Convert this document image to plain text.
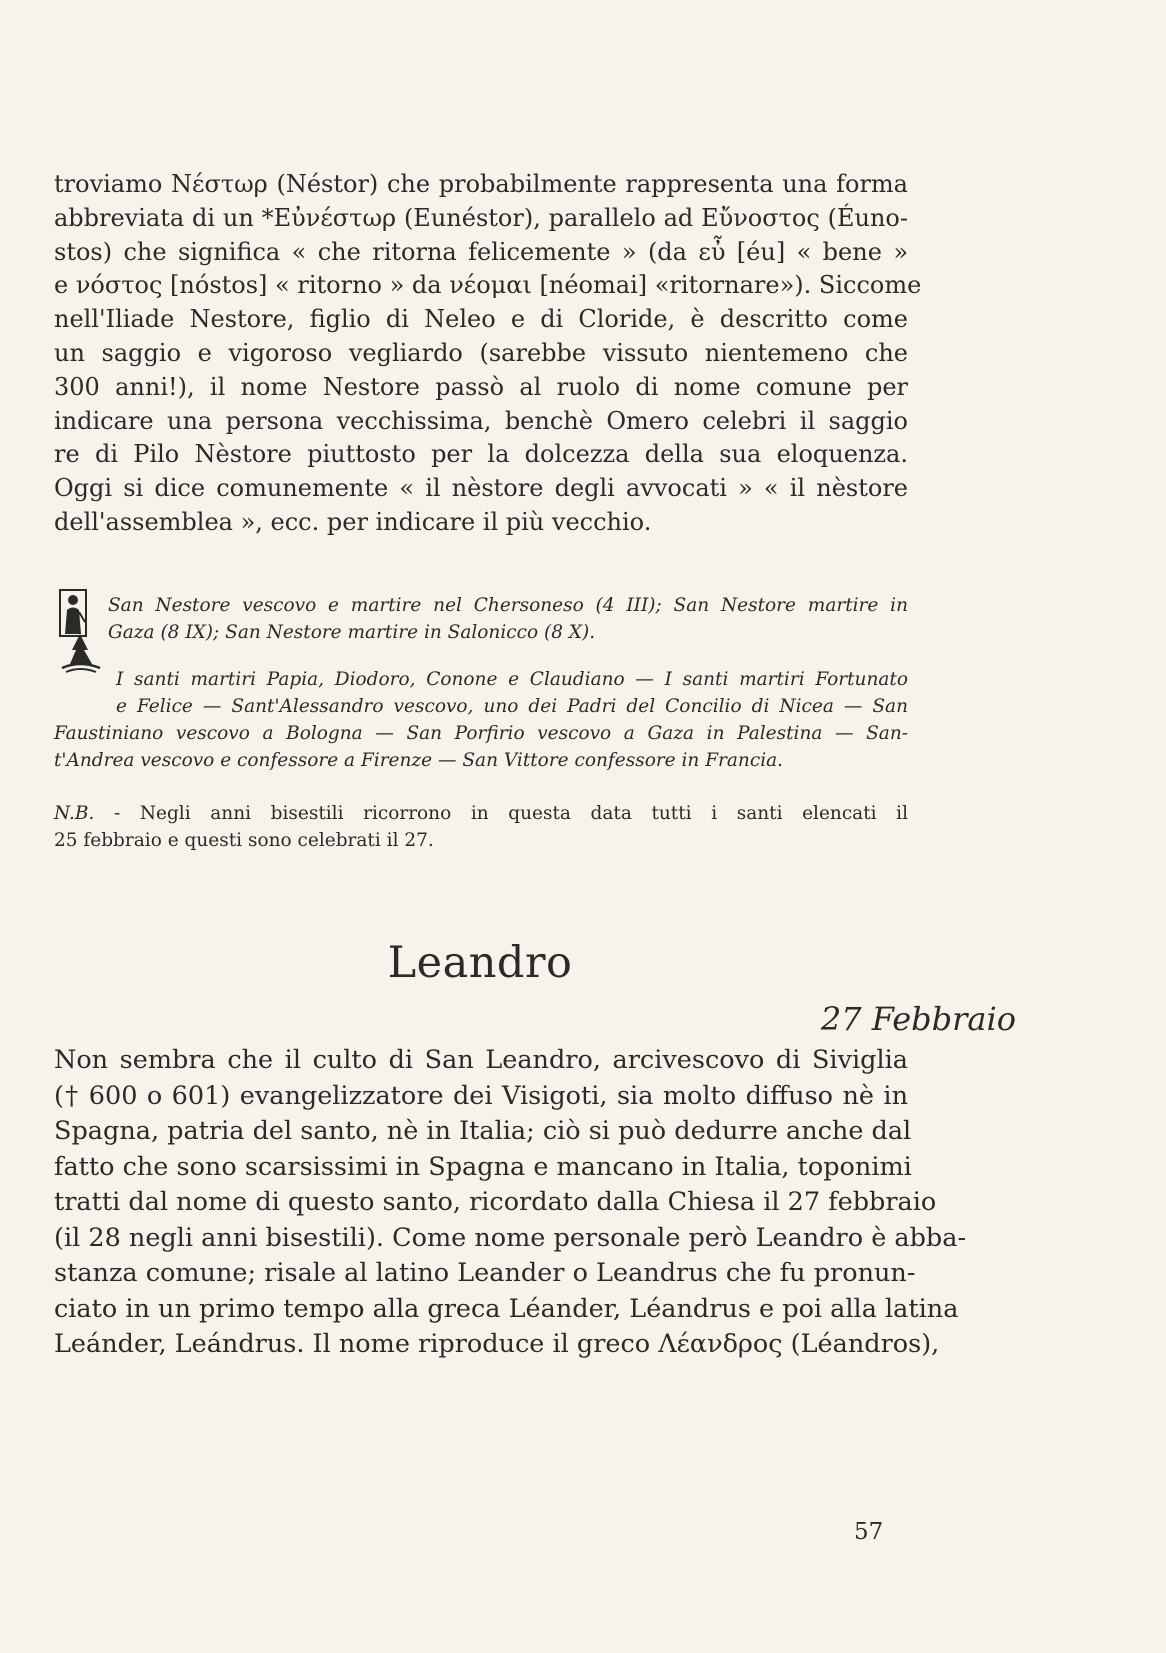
troviamo Νέστωρ (Néstor) che probabilmente rappresenta una forma
abbreviata di un *Εὐνέστωρ (Eunéstor), parallelo ad Εὔνοστος (Éuno-
stos) che significa « che ritorna felicemente » (da εὖ [éu] « bene »
e νόστος [nóstos] « ritorno » da νέομαι [néomai] «ritornare»). Siccome
nell'Iliade Nestore, figlio di Neleo e di Cloride, è descritto come
un saggio e vigoroso vegliardo (sarebbe vissuto nientemeno che
300 anni!), il nome Nestore passò al ruolo di nome comune per
indicare una persona vecchissima, benchè Omero celebri il saggio
re di Pilo Nèstore piuttosto per la dolcezza della sua eloquenza.
Oggi si dice comunemente « il nèstore degli avvocati » « il nèstore
dell'assemblea », ecc. per indicare il più vecchio.
San Nestore vescovo e martire nel Chersoneso (4 III); San Nestore martire in
Gaza (8 IX); San Nestore martire in Salonicco (8 X).
I santi martiri Papia, Diodoro, Conone e Claudiano — I santi martiri Fortunato
e Felice — Sant'Alessandro vescovo, uno dei Padri del Concilio di Nicea — San
Faustiniano vescovo a Bologna — San Porfirio vescovo a Gaza in Palestina — San-
t'Andrea vescovo e confessore a Firenze — San Vittore confessore in Francia.
N.B. - Negli anni bisestili ricorrono in questa data tutti i santi elencati il
25 febbraio e questi sono celebrati il 27.
Leandro
27 Febbraio
Non sembra che il culto di San Leandro, arcivescovo di Siviglia
(† 600 o 601) evangelizzatore dei Visigoti, sia molto diffuso nè in
Spagna, patria del santo, nè in Italia; ciò si può dedurre anche dal
fatto che sono scarsissimi in Spagna e mancano in Italia, toponimi
tratti dal nome di questo santo, ricordato dalla Chiesa il 27 febbraio
(il 28 negli anni bisestili). Come nome personale però Leandro è abba-
stanza comune; risale al latino Leander o Leandrus che fu pronun-
ciato in un primo tempo alla greca Léander, Léandrus e poi alla latina
Leánder, Leándrus. Il nome riproduce il greco Λέανδρος (Léandros),
57
